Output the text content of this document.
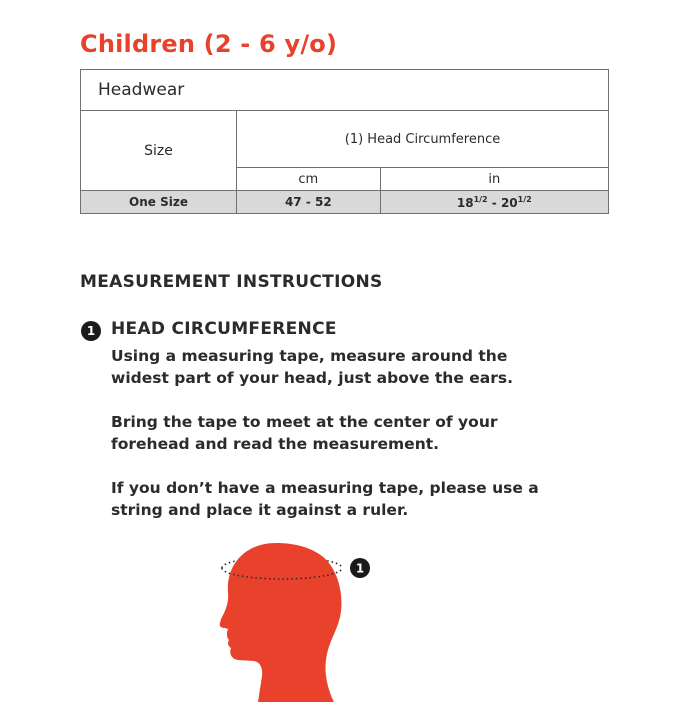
Children (2 - 6 y/o)
Headwear		
Size	(1) Head Circumference	
	cm	in
One Size	47 - 52	$18^{1/2} - 20^{1/2}$
MEASUREMENT INSTRUCTIONS
1 HEAD CIRCUMFERENCE

Using a measuring tape, measure around the widest part of your head, just above the ears.

Bring the tape to meet at the center of your forehead and read the measurement.

If you don’t have a measuring tape, please use a string and place it against a ruler.

1
